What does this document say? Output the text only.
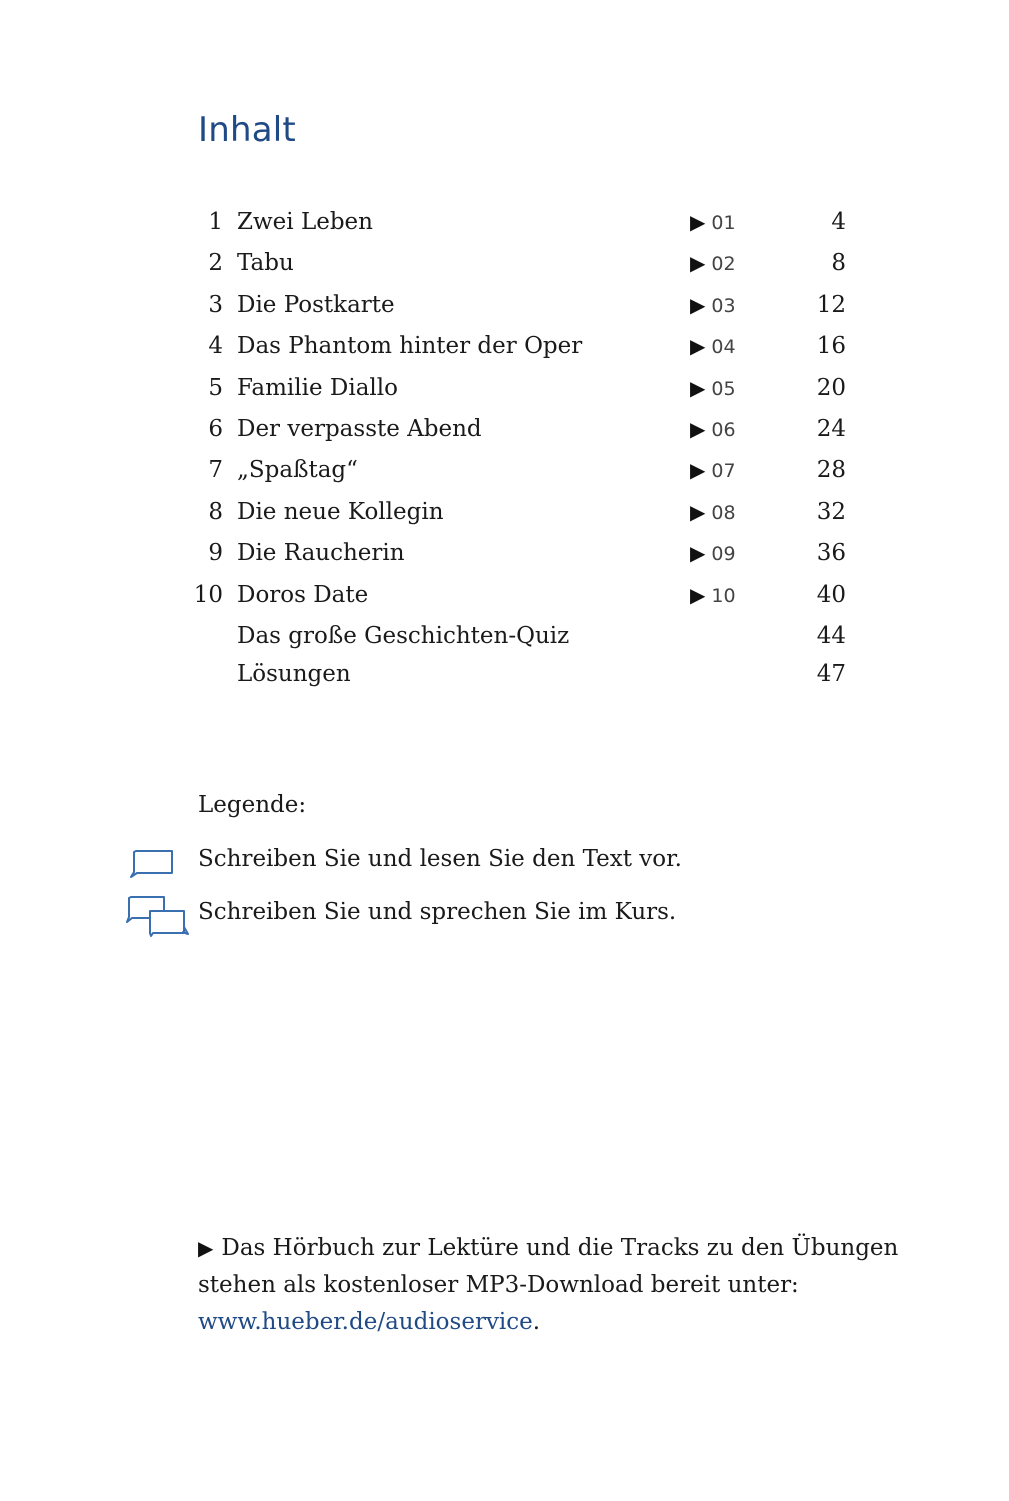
Inhalt
1 Zwei Leben	▶ 01	4
2 Tabu	▶ 02	8
3 Die Postkarte	▶ 03	12
4 Das Phantom hinter der Oper	▶ 04	16
5 Familie Diallo	▶ 05	20
6 Der verpasste Abend	▶ 06	24
7 „Spaßtag“	▶ 07	28
8 Die neue Kollegin	▶ 08	32
9 Die Raucherin	▶ 09	36
10 Doros Date	▶ 10	40
Das große Geschichten-Quiz	44
Lösungen	47
Legende:
Schreiben Sie und lesen Sie den Text vor.
Schreiben Sie und sprechen Sie im Kurs.
▶ Das Hörbuch zur Lektüre und die Tracks zu den Übungen
stehen als kostenloser MP3-Download bereit unter:
www.hueber.de/audioservice.
